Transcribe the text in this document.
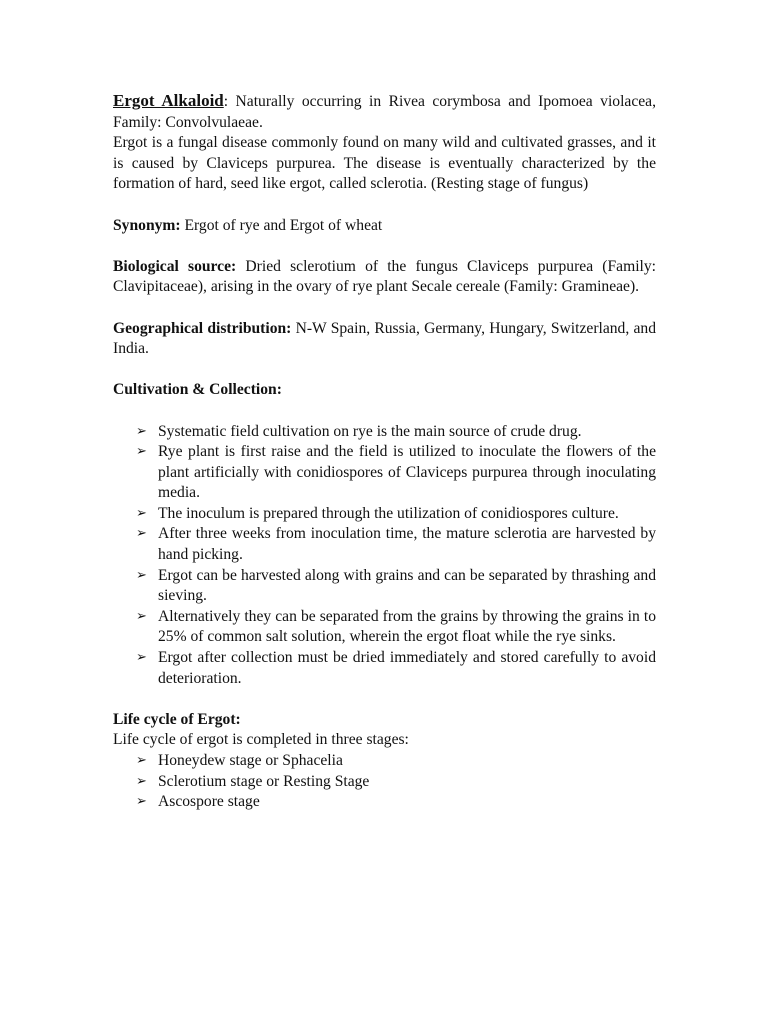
Ergot Alkaloid: Naturally occurring in Rivea corymbosa and Ipomoea violacea, Family: Convolvulaeae.

Ergot is a fungal disease commonly found on many wild and cultivated grasses, and it is caused by Claviceps purpurea. The disease is eventually characterized by the formation of hard, seed like ergot, called sclerotia. (Resting stage of fungus)

Synonym: Ergot of rye and Ergot of wheat

Biological source: Dried sclerotium of the fungus Claviceps purpurea (Family: Clavipitaceae), arising in the ovary of rye plant Secale cereale (Family: Gramineae).

Geographical distribution: N-W Spain, Russia, Germany, Hungary, Switzerland, and India.

Cultivation & Collection:

➢ Systematic field cultivation on rye is the main source of crude drug.
➢ Rye plant is first raise and the field is utilized to inoculate the flowers of the plant artificially with conidiospores of Claviceps purpurea through inoculating media.
➢ The inoculum is prepared through the utilization of conidiospores culture.
➢ After three weeks from inoculation time, the mature sclerotia are harvested by hand picking.
➢ Ergot can be harvested along with grains and can be separated by thrashing and sieving.
➢ Alternatively they can be separated from the grains by throwing the grains in to 25% of common salt solution, wherein the ergot float while the rye sinks.
➢ Ergot after collection must be dried immediately and stored carefully to avoid deterioration.

Life cycle of Ergot:

Life cycle of ergot is completed in three stages:

➢ Honeydew stage or Sphacelia
➢ Sclerotium stage or Resting Stage
➢ Ascospore stage
